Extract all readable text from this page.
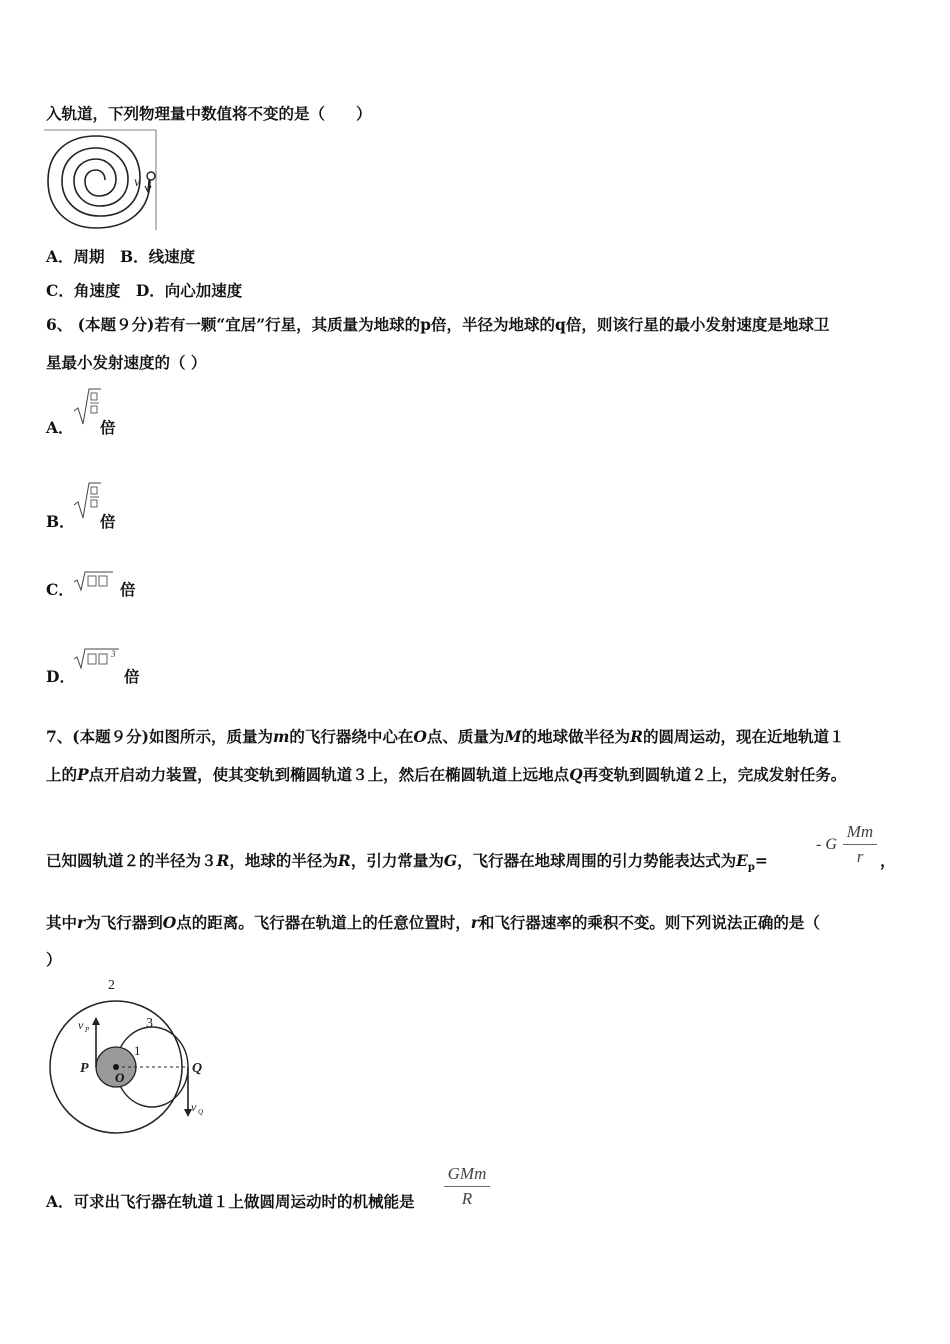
入轨道，下列物理量中数值将不变的是（　　）
v
A．周期　B．线速度
C．角速度　D．向心加速度
6、 (本题９分)若有一颗“宜居”行星，其质量为地球的p倍，半径为地球的q倍，则该行星的最小发射速度是地球卫
星最小发射速度的（ ）
A． 倍
B． 倍
C．	倍
D．
3
倍
7、(本题９分)如图所示，质量为m的飞行器绕中心在O点、质量为M的地球做半径为R的圆周运动，现在近地轨道１
上的P点开启动力装置，使其变轨到椭圆轨道３上，然后在椭圆轨道上远地点Q再变轨到圆轨道２上，完成发射任务。
已知圆轨道２的半径为３R，地球的半径为R，引力常量为G，飞行器在地球周围的引力势能表达式为$E_p=$
- G
Mm
r	，
其中r为飞行器到O点的距离。飞行器在轨道上的任意位置时，r和飞行器速率的乘积不变。则下列说法正确的是（
）
2
3
1
P
O
Q
v P
v Q
A．可求出飞行器在轨道１上做圆周运动时的机械能是
GMm
R
